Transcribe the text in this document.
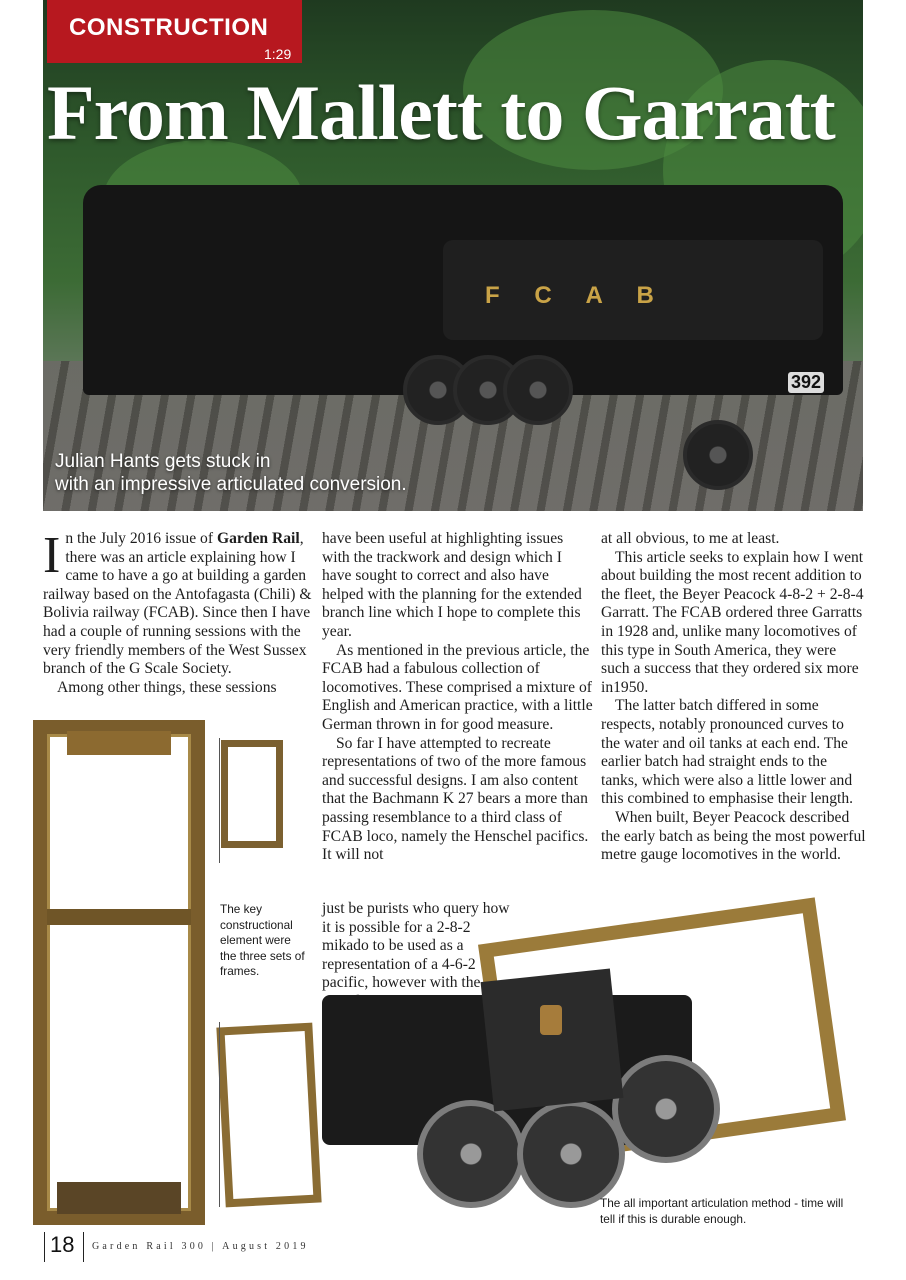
F C A B
392
CONSTRUCTION
1:29
From Mallett to Garratt
Julian Hants gets stuck in
with an impressive articulated conversion.

In the July 2016 issue of Garden Rail, there was an article explaining how I came to have a go at building a garden railway based on the Antofagasta (Chili) & Bolivia railway (FCAB). Since then I have had a couple of running sessions with the very friendly members of the West Sussex branch of the G Scale Society.

Among other things, these sessions

have been useful at highlighting issues with the trackwork and design which I have sought to correct and also have helped with the planning for the extended branch line which I hope to complete this year.

As mentioned in the previous article, the FCAB had a fabulous collection of locomotives. These comprised a mixture of English and American practice, with a little German thrown in for good measure.

So far I have attempted to recreate representations of two of the more famous and successful designs. I am also content that the Bachmann K 27 bears a more than passing resemblance to a third class of FCAB loco, namely the Henschel pacifics. It will not

just be purists who query how it is possible for a 2-8-2 mikado to be used as a representation of a 4-6-2 pacific, however with the

at all obvious, to me at least.

This article seeks to explain how I went about building the most recent addition to the fleet, the Beyer Peacock 4-8-2 + 2-8-4 Garratt. The FCAB ordered three Garratts in 1928 and, unlike many locomotives of this type in South America, they were such a success that they ordered six more in1950.

The latter batch differed in some respects, notably pronounced curves to the water and oil tanks at each end. The earlier batch had straight ends to the tanks, which were also a little lower and this combined to emphasise their length.

When built, Beyer Peacock described the early batch as being the most powerful metre gauge locomotives in the world.

The key constructional element were the three sets of frames.
The all important articulation method - time will tell if this is durable enough.
18 Garden Rail 300 | August 2019
